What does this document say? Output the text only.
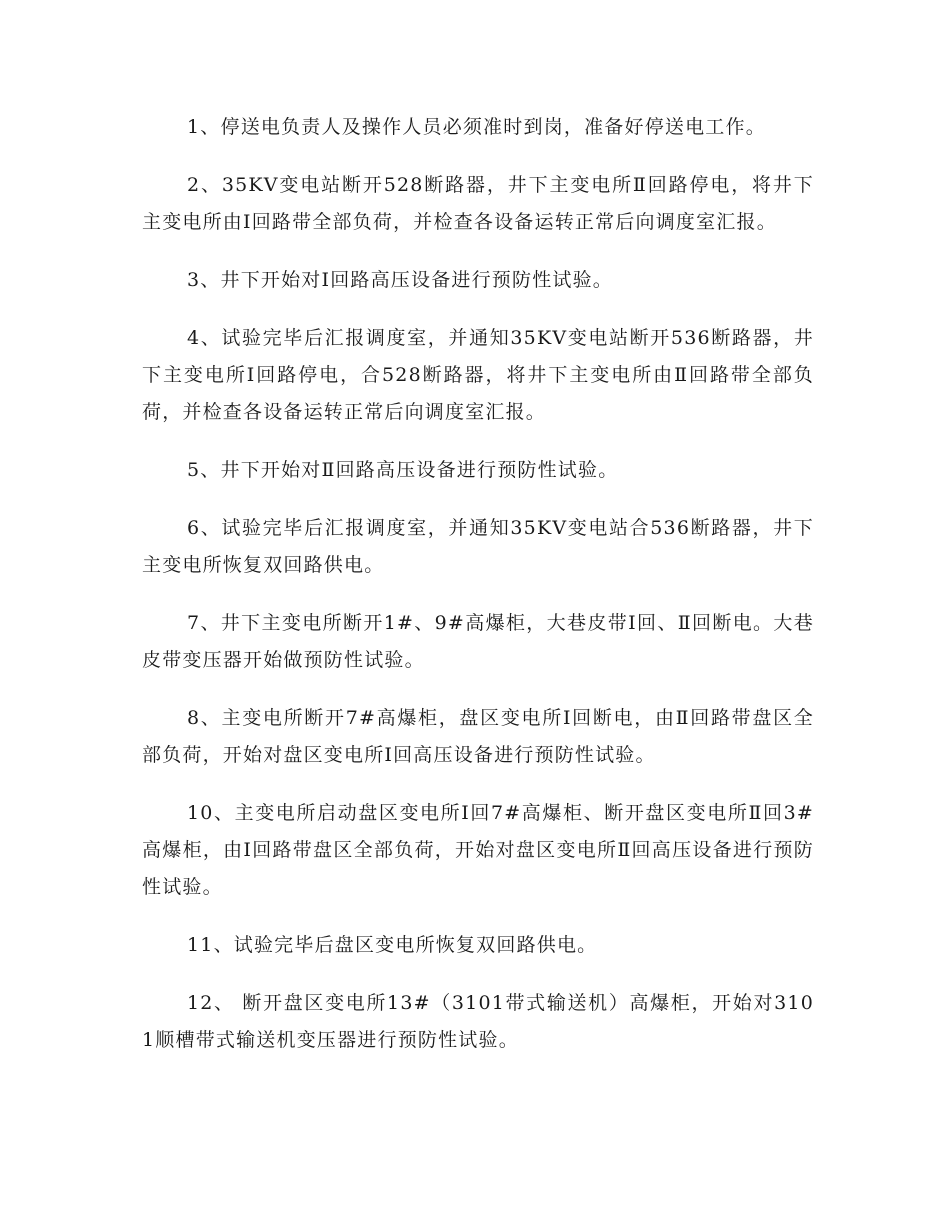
1、停送电负责人及操作人员必须准时到岗，准备好停送电工作。

2、35KV变电站断开528断路器，井下主变电所Ⅱ回路停电，将井下主变电所由Ⅰ回路带全部负荷，并检查各设备运转正常后向调度室汇报。

3、井下开始对Ⅰ回路高压设备进行预防性试验。

4、试验完毕后汇报调度室，并通知35KV变电站断开536断路器，井下主变电所Ⅰ回路停电，合528断路器，将井下主变电所由Ⅱ回路带全部负荷，并检查各设备运转正常后向调度室汇报。

5、井下开始对Ⅱ回路高压设备进行预防性试验。

6、试验完毕后汇报调度室，并通知35KV变电站合536断路器，井下主变电所恢复双回路供电。

7、井下主变电所断开1#、9#高爆柜，大巷皮带Ⅰ回、Ⅱ回断电。大巷皮带变压器开始做预防性试验。

8、主变电所断开7#高爆柜，盘区变电所Ⅰ回断电，由Ⅱ回路带盘区全部负荷，开始对盘区变电所Ⅰ回高压设备进行预防性试验。

10、主变电所启动盘区变电所Ⅰ回7#高爆柜、断开盘区变电所Ⅱ回3#高爆柜，由Ⅰ回路带盘区全部负荷，开始对盘区变电所Ⅱ回高压设备进行预防性试验。

11、试验完毕后盘区变电所恢复双回路供电。

12、 断开盘区变电所13#（3101带式输送机）高爆柜，开始对3101顺槽带式输送机变压器进行预防性试验。
